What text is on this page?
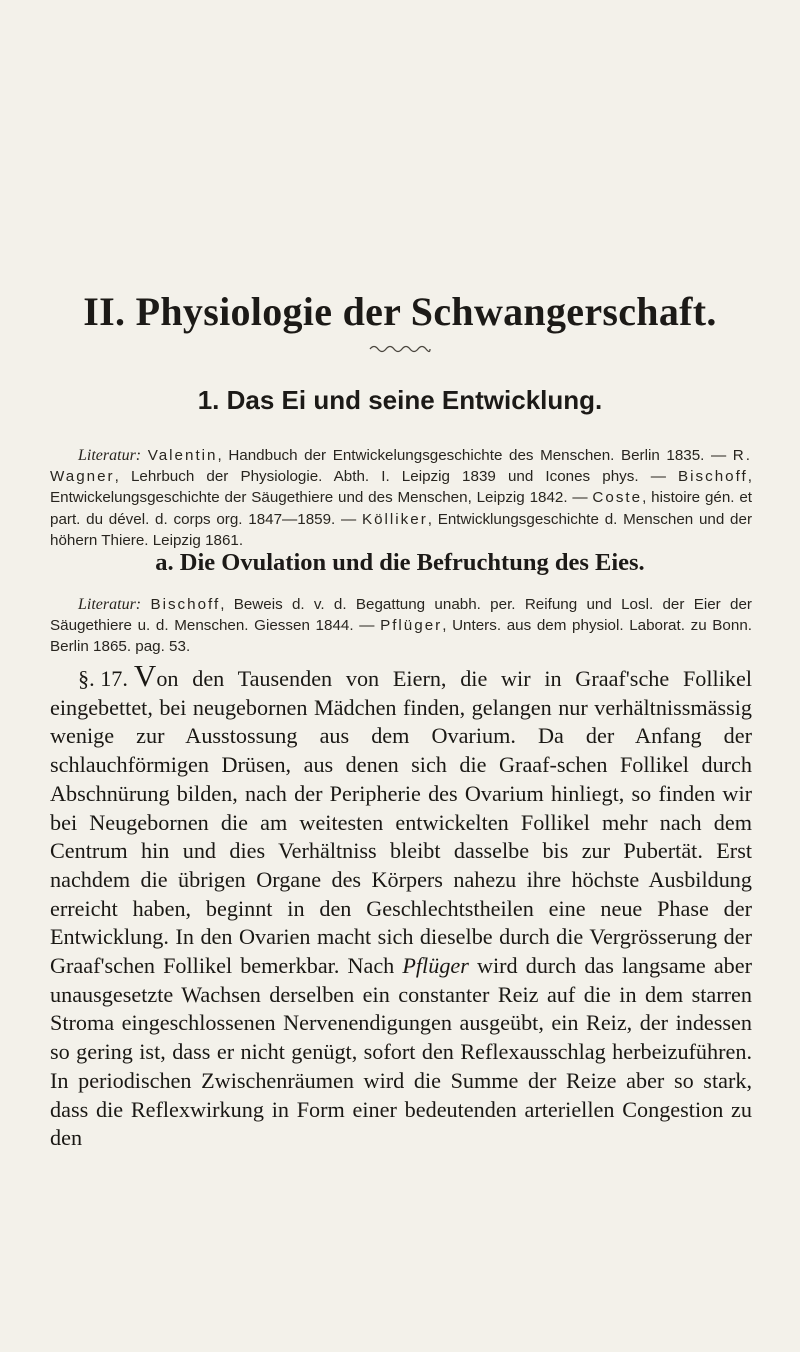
II. Physiologie der Schwangerschaft.
1. Das Ei und seine Entwicklung.

Literatur: Valentin, Handbuch der Entwickelungsgeschichte des Menschen. Berlin 1835. — R. Wagner, Lehrbuch der Physiologie. Abth. I. Leipzig 1839 und Icones phys. — Bischoff, Entwickelungsgeschichte der Säugethiere und des Menschen, Leipzig 1842. — Coste, histoire gén. et part. du dével. d. corps org. 1847—1859. — Kölliker, Entwicklungsgeschichte d. Menschen und der höhern Thiere. Leipzig 1861.

a. Die Ovulation und die Befruchtung des Eies.

Literatur: Bischoff, Beweis d. v. d. Begattung unabh. per. Reifung und Losl. der Eier der Säugethiere u. d. Menschen. Giessen 1844. — Pflüger, Unters. aus dem physiol. Laborat. zu Bonn. Berlin 1865. pag. 53.

§. 17. Von den Tausenden von Eiern, die wir in Graaf'sche Follikel eingebettet, bei neugebornen Mädchen finden, gelangen nur verhältnissmässig wenige zur Ausstossung aus dem Ovarium. Da der Anfang der schlauchförmigen Drüsen, aus denen sich die Graaf-schen Follikel durch Abschnürung bilden, nach der Peripherie des Ovarium hinliegt, so finden wir bei Neugebornen die am weitesten entwickelten Follikel mehr nach dem Centrum hin und dies Verhältniss bleibt dasselbe bis zur Pubertät. Erst nachdem die übrigen Organe des Körpers nahezu ihre höchste Ausbildung erreicht haben, beginnt in den Geschlechtstheilen eine neue Phase der Entwicklung. In den Ovarien macht sich dieselbe durch die Vergrösserung der Graaf'schen Follikel bemerkbar. Nach Pflüger wird durch das langsame aber unausgesetzte Wachsen derselben ein constanter Reiz auf die in dem starren Stroma eingeschlossenen Nervenendigungen ausgeübt, ein Reiz, der indessen so gering ist, dass er nicht genügt, sofort den Reflexausschlag herbeizuführen. In periodischen Zwischenräumen wird die Summe der Reize aber so stark, dass die Reflexwirkung in Form einer bedeutenden arteriellen Congestion zu den
